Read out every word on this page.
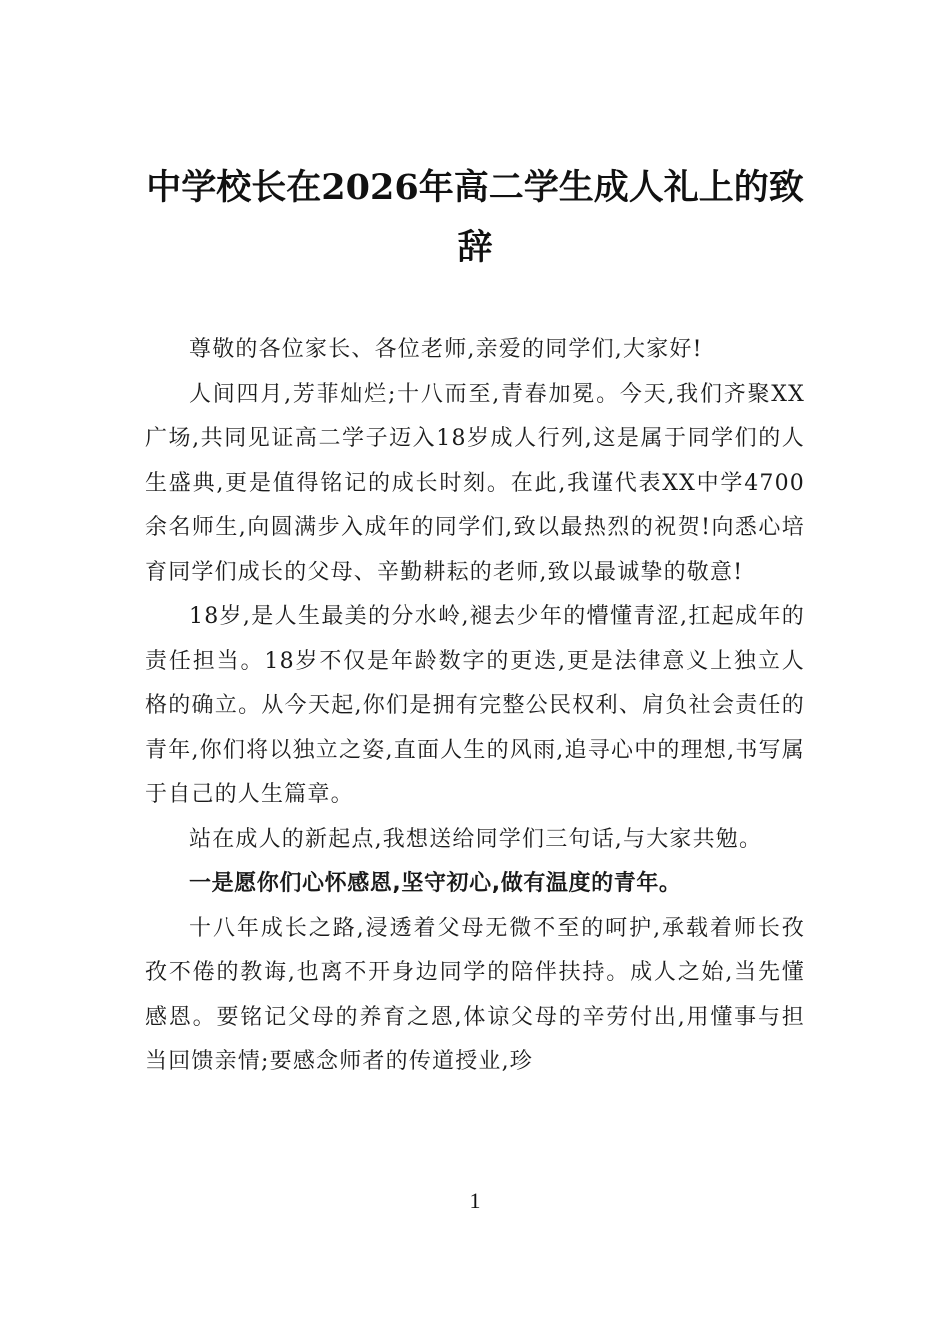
中学校长在2026年高二学生成人礼上的致辞

尊敬的各位家长、各位老师,亲爱的同学们,大家好!

人间四月,芳菲灿烂;十八而至,青春加冕。今天,我们齐聚XX广场,共同见证高二学子迈入18岁成人行列,这是属于同学们的人生盛典,更是值得铭记的成长时刻。在此,我谨代表XX中学4700余名师生,向圆满步入成年的同学们,致以最热烈的祝贺!向悉心培育同学们成长的父母、辛勤耕耘的老师,致以最诚挚的敬意!

18岁,是人生最美的分水岭,褪去少年的懵懂青涩,扛起成年的责任担当。18岁不仅是年龄数字的更迭,更是法律意义上独立人格的确立。从今天起,你们是拥有完整公民权利、肩负社会责任的青年,你们将以独立之姿,直面人生的风雨,追寻心中的理想,书写属于自己的人生篇章。

站在成人的新起点,我想送给同学们三句话,与大家共勉。

一是愿你们心怀感恩,坚守初心,做有温度的青年。

十八年成长之路,浸透着父母无微不至的呵护,承载着师长孜孜不倦的教诲,也离不开身边同学的陪伴扶持。成人之始,当先懂感恩。要铭记父母的养育之恩,体谅父母的辛劳付出,用懂事与担当回馈亲情;要感念师者的传道授业,珍

1
